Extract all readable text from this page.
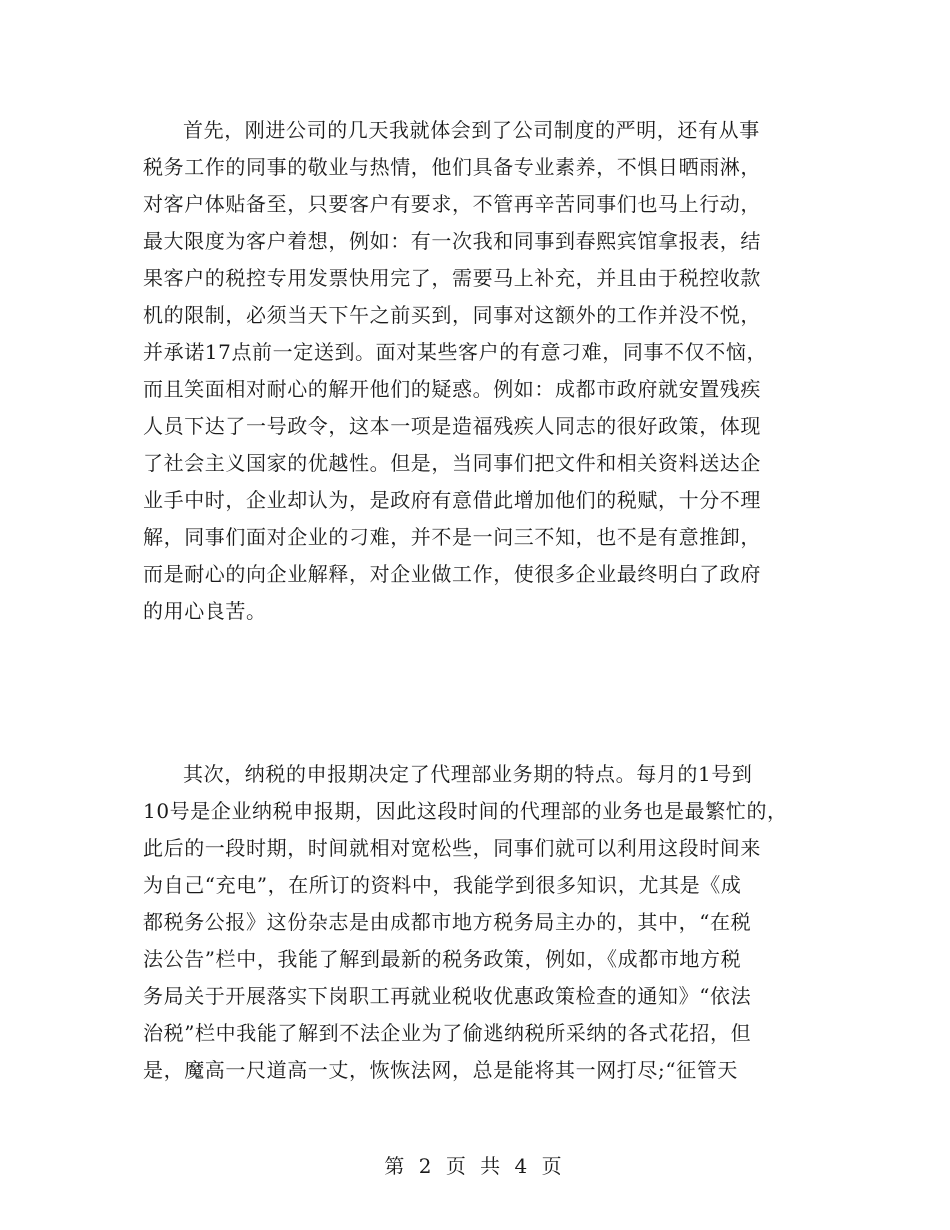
首先，刚进公司的几天我就体会到了公司制度的严明，还有从事
税务工作的同事的敬业与热情，他们具备专业素养，不惧日晒雨淋，
对客户体贴备至，只要客户有要求，不管再辛苦同事们也马上行动，
最大限度为客户着想，例如：有一次我和同事到春熙宾馆拿报表，结
果客户的税控专用发票快用完了，需要马上补充，并且由于税控收款
机的限制，必须当天下午之前买到，同事对这额外的工作并没不悦，
并承诺17点前一定送到。面对某些客户的有意刁难，同事不仅不恼，
而且笑面相对耐心的解开他们的疑惑。例如：成都市政府就安置残疾
人员下达了一号政令，这本一项是造福残疾人同志的很好政策，体现
了社会主义国家的优越性。但是，当同事们把文件和相关资料送达企
业手中时，企业却认为，是政府有意借此增加他们的税赋，十分不理
解，同事们面对企业的刁难，并不是一问三不知，也不是有意推卸，
而是耐心的向企业解释，对企业做工作，使很多企业最终明白了政府
的用心良苦。
其次，纳税的申报期决定了代理部业务期的特点。每月的1号到
10号是企业纳税申报期，因此这段时间的代理部的业务也是最繁忙的，
此后的一段时期，时间就相对宽松些，同事们就可以利用这段时间来
为自己“充电”，在所订的资料中，我能学到很多知识，尤其是《成
都税务公报》这份杂志是由成都市地方税务局主办的，其中，“在税
法公告”栏中，我能了解到最新的税务政策，例如，《成都市地方税
务局关于开展落实下岗职工再就业税收优惠政策检查的通知》“依法
治税”栏中我能了解到不法企业为了偷逃纳税所采纳的各式花招，但
是，魔高一尺道高一丈，恢恢法网，总是能将其一网打尽;“征管天
第 2 页 共 4 页
